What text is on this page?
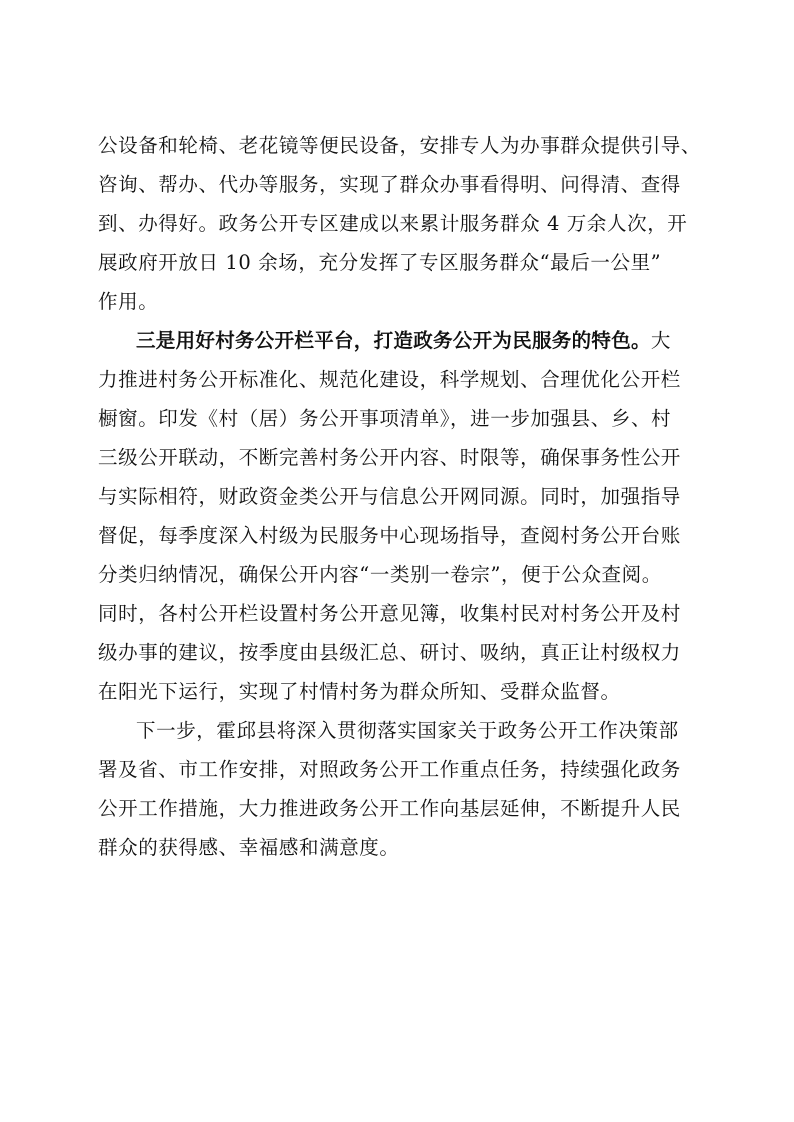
公设备和轮椅、老花镜等便民设备，安排专人为办事群众提供引导、
咨询、帮办、代办等服务，实现了群众办事看得明、问得清、查得
到、办得好。政务公开专区建成以来累计服务群众 4 万余人次，开
展政府开放日 10 余场，充分发挥了专区服务群众“最后一公里”
作用。
三是用好村务公开栏平台，打造政务公开为民服务的特色。大
力推进村务公开标准化、规范化建设，科学规划、合理优化公开栏
橱窗。印发《村（居）务公开事项清单》，进一步加强县、乡、村
三级公开联动，不断完善村务公开内容、时限等，确保事务性公开
与实际相符，财政资金类公开与信息公开网同源。同时，加强指导
督促，每季度深入村级为民服务中心现场指导，查阅村务公开台账
分类归纳情况，确保公开内容“一类别一卷宗”，便于公众查阅。
同时，各村公开栏设置村务公开意见簿，收集村民对村务公开及村
级办事的建议，按季度由县级汇总、研讨、吸纳，真正让村级权力
在阳光下运行，实现了村情村务为群众所知、受群众监督。
下一步，霍邱县将深入贯彻落实国家关于政务公开工作决策部
署及省、市工作安排，对照政务公开工作重点任务，持续强化政务
公开工作措施，大力推进政务公开工作向基层延伸，不断提升人民
群众的获得感、幸福感和满意度。
